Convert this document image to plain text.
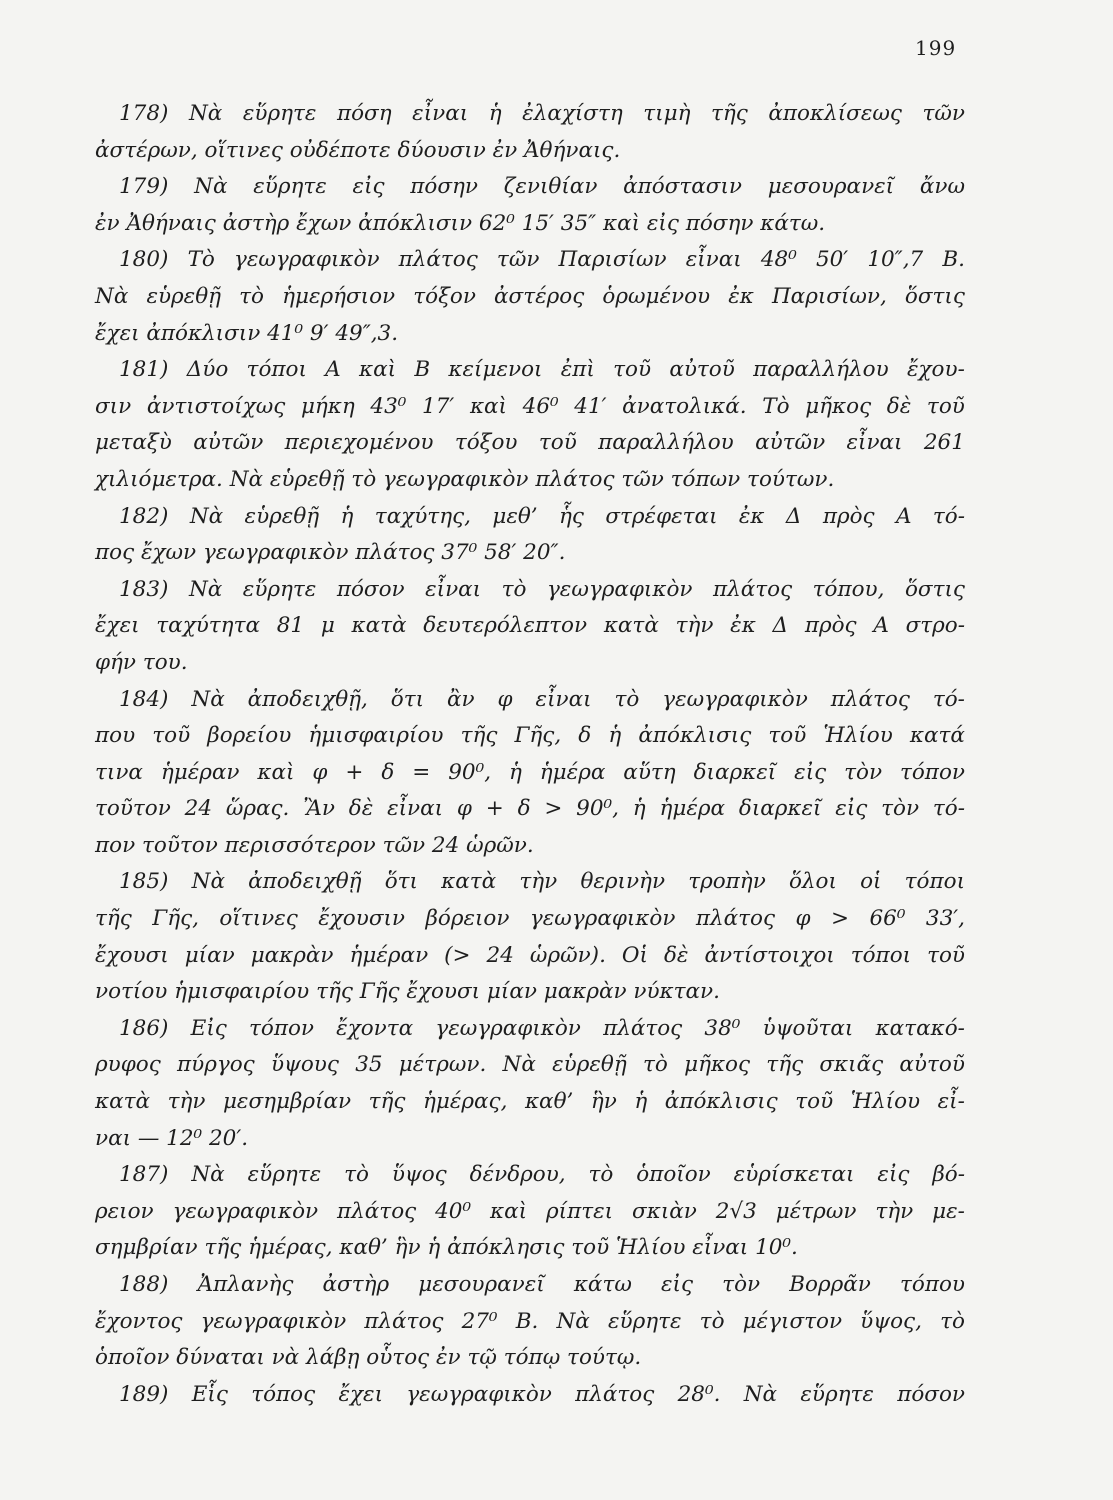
199
178) Νὰ εὕρητε πόση εἶναι ἡ ἐλαχίστη τιμὴ τῆς ἀποκλίσεως τῶν
ἀστέρων, οἵτινες οὐδέποτε δύουσιν ἐν Ἀθήναις.
179) Νὰ εὕρητε εἰς πόσην ζενιθίαν ἀπόστασιν μεσουρανεῖ ἄνω
ἐν Ἀθήναις ἀστὴρ ἔχων ἀπόκλισιν 62⁰ 15′ 35″ καὶ εἰς πόσην κάτω.
180) Τὸ γεωγραφικὸν πλάτος τῶν Παρισίων εἶναι 48⁰ 50′ 10″,7 Β.
Νὰ εὑρεθῇ τὸ ἡμερήσιον τόξον ἀστέρος ὁρωμένου ἐκ Παρισίων, ὅστις
ἔχει ἀπόκλισιν 41⁰ 9′ 49″,3.
181) Δύο τόποι Α καὶ Β κείμενοι ἐπὶ τοῦ αὐτοῦ παραλλήλου ἔχου-
σιν ἀντιστοίχως μήκη 43⁰ 17′ καὶ 46⁰ 41′ ἀνατολικά. Τὸ μῆκος δὲ τοῦ
μεταξὺ αὐτῶν περιεχομένου τόξου τοῦ παραλλήλου αὐτῶν εἶναι 261
χιλιόμετρα. Νὰ εὑρεθῇ τὸ γεωγραφικὸν πλάτος τῶν τόπων τούτων.
182) Νὰ εὑρεθῇ ἡ ταχύτης, μεθ’ ἧς στρέφεται ἐκ Δ πρὸς Α τό-
πος ἔχων γεωγραφικὸν πλάτος 37⁰ 58′ 20″.
183) Νὰ εὕρητε πόσον εἶναι τὸ γεωγραφικὸν πλάτος τόπου, ὅστις
ἔχει ταχύτητα 81 μ κατὰ δευτερόλεπτον κατὰ τὴν ἐκ Δ πρὸς Α στρο-
φήν του.
184) Νὰ ἀποδειχθῇ, ὅτι ἂν φ εἶναι τὸ γεωγραφικὸν πλάτος τό-
που τοῦ βορείου ἡμισφαιρίου τῆς Γῆς, δ ἡ ἀπόκλισις τοῦ Ἡλίου κατά
τινα ἡμέραν καὶ φ + δ = 90⁰, ἡ ἡμέρα αὕτη διαρκεῖ εἰς τὸν τόπον
τοῦτον 24 ὥρας. Ἂν δὲ εἶναι φ + δ > 90⁰, ἡ ἡμέρα διαρκεῖ εἰς τὸν τό-
πον τοῦτον περισσότερον τῶν 24 ὡρῶν.
185) Νὰ ἀποδειχθῇ ὅτι κατὰ τὴν θερινὴν τροπὴν ὅλοι οἱ τόποι
τῆς Γῆς, οἵτινες ἔχουσιν βόρειον γεωγραφικὸν πλάτος φ > 66⁰ 33′,
ἔχουσι μίαν μακρὰν ἡμέραν (> 24 ὡρῶν). Οἱ δὲ ἀντίστοιχοι τόποι τοῦ
νοτίου ἡμισφαιρίου τῆς Γῆς ἔχουσι μίαν μακρὰν νύκταν.
186) Εἰς τόπον ἔχοντα γεωγραφικὸν πλάτος 38⁰ ὑψοῦται κατακό-
ρυφος πύργος ὕψους 35 μέτρων. Νὰ εὑρεθῇ τὸ μῆκος τῆς σκιᾶς αὐτοῦ
κατὰ τὴν μεσημβρίαν τῆς ἡμέρας, καθ’ ἣν ἡ ἀπόκλισις τοῦ Ἡλίου εἶ-
ναι — 12⁰ 20′.
187) Νὰ εὕρητε τὸ ὕψος δένδρου, τὸ ὁποῖον εὑρίσκεται εἰς βό-
ρειον γεωγραφικὸν πλάτος 40⁰ καὶ ρίπτει σκιὰν 2√3 μέτρων τὴν με-
σημβρίαν τῆς ἡμέρας, καθ’ ἣν ἡ ἀπόκλησις τοῦ Ἡλίου εἶναι 10⁰.
188) Ἀπλανὴς ἀστὴρ μεσουρανεῖ κάτω εἰς τὸν Βορρᾶν τόπου
ἔχοντος γεωγραφικὸν πλάτος 27⁰ Β. Νὰ εὕρητε τὸ μέγιστον ὕψος, τὸ
ὁποῖον δύναται νὰ λάβῃ οὗτος ἐν τῷ τόπῳ τούτῳ.
189) Εἷς τόπος ἔχει γεωγραφικὸν πλάτος 28⁰. Νὰ εὕρητε πόσον
